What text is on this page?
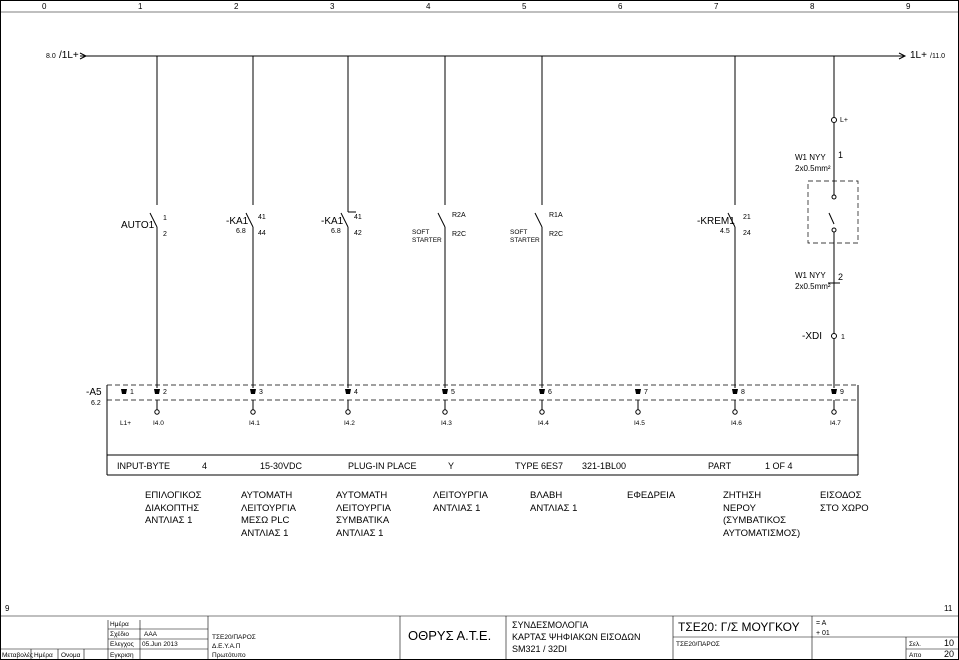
0	1	2	3	4	5	6	7	8	9
9	11
8.0 /1L+	1L+ /11.0
L+
W1 NYY
2x0.5mm²
1
W1 NYY
2x0.5mm²
2
-XDI	1
AUTO1
1
2
-KA1
6.8
41
44
-KA1
6.8
41
42	SOFT STARTER
R2A
R2C	SOFT STARTER
R1A
R2C
-KREM1
4.5
21
24
-A5
6.2
1
L1+
2
I4.0
3
I4.1
4
I4.2
5
I4.3
6
I4.4
7
I4.5
8
I4.6
9
I4.7
INPUT-BYTE	4	15-30VDC	PLUG-IN PLACE	Y	TYPE 6ES7 321-1BL00	PART	1 OF 4
Ημέρα
Σχέδιο AAA
Ελεγχος 05.Jun 2013
Εγκριση
Μεταβολές Ημέρα Ονομα
ΤΣΕ20/ΠΑΡΟΣ
Δ.Ε.Υ.Α.Π
Πρωτότυπο
ΟΘΡΥΣ Α.Τ.Ε.
ΣΥΝΔΕΣΜΟΛΟΓΙΑ
ΚΑΡΤΑΣ ΨΗΦΙΑΚΩΝ ΕΙΣΟΔΩΝ
SM321 / 32DI
ΤΣΕ20: Γ/Σ ΜΟΥΓΚΟΥ
ΤΣΕ20/ΠΑΡΟΣ
= A
+ 01
Σελ.	10
Απο	20
ΕΠΙΛΟΓΙΚΟΣ
ΔΙΑΚΟΠΤΗΣ
ΑΝΤΛΙΑΣ 1
ΑΥΤΟΜΑΤΗ
ΛΕΙΤΟΥΡΓΙΑ
ΜΕΣΩ PLC
ΑΝΤΛΙΑΣ 1
ΑΥΤΟΜΑΤΗ
ΛΕΙΤΟΥΡΓΙΑ
ΣΥΜΒΑΤΙΚΑ
ΑΝΤΛΙΑΣ 1
ΛΕΙΤΟΥΡΓΙΑ
ΑΝΤΛΙΑΣ 1
ΒΛΑΒΗ
ΑΝΤΛΙΑΣ 1
ΕΦΕΔΡΕΙΑ	ΖΗΤΗΣΗ
ΝΕΡΟΥ
(ΣΥΜΒΑΤΙΚΟΣ
ΑΥΤΟΜΑΤΙΣΜΟΣ)
ΕΙΣΟΔΟΣ
ΣΤΟ ΧΩΡΟ
